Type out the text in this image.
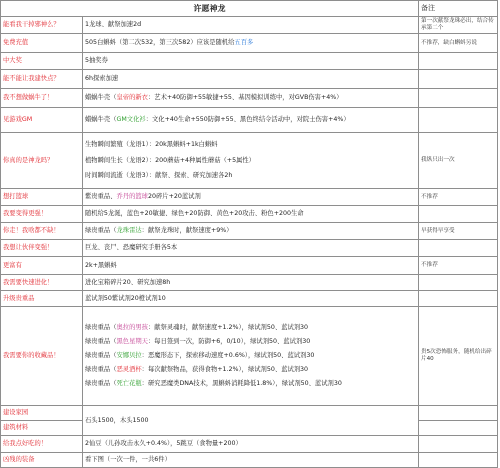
许愿神龙		备注
能看我干掉邪神么？	1龙球、献祭加速2d	第一次献祭龙珠必出，结合传承第二个
免费充值	505白蝌蚪（第二次532，第三次582）应该是随机给五百多	不推荐，缺白蝌蚪另说
中大奖	5抽奖券	

能不能让我建快点？	6h探索加速	

我不想做蜗牛了！	蜡蜗牛壳（皇帝的新衣：艺术+40防御+55敏捷+55、基因模拟训练中，对GVB伤害+4%）	

见游戏GM	蜡蜗牛壳（GM文化衫：文化+40生命+550防御+55、黑色终结令活动中，对院士伤害+4%）	

你真的是神龙吗？	生物瞬间繁殖（龙语1）：20k黑蝌蚪+1k白蝌蚪
植物瞬间生长（龙语2）：200蘑菇+4种属性蘑菇（+5属性）
时间瞬间流逝（龙语3）：献祭、探索、研究加速各2h	我纵只出一次
想打篮球	紫贵重品、乔丹的篮球20碎片+20蓝试剂	不推荐
我要变得更强！	随机给5龙涎，蓝色+20敏捷、绿色+20防御、黄色+20攻击、粉色+200生命	

你走！我啥都不缺！	绿贵重品（龙珠雷达：献祭龙珠时，献祭速度+9%）	早获得早享受
我想让伙伴变强！	巨龙、丧尸、恐魔研究手册各5本	

更富有	2k+黑蝌蚪	不推荐
我需要快速进化！	进化宝箱碎片20、研究加速8h	

升级贵重品	蓝试剂50紫试剂20橙试剂10	

我需要你的收藏品！	绿贵重品（奥拉的男孩：献祭灵魂时，献祭速度+1.2%），绿试剂50、蓝试剂30
绿贵重品（黑色星期天：每日签到一次，防御+6，0/10），绿试剂50、蓝试剂30
绿贵重品（安娜贝拉：恶魔形态下，探索移动速度+0.6%），绿试剂50、蓝试剂30
绿贵重品（恶灵酒杯：每次献祭物品，获得食物+1.2%），绿试剂50、蓝试剂30
绿贵重品（死亡花瓶：研究恶魔类DNA技术，黑蝌蚪消耗降低1.8%），绿试剂50、蓝试剂30	贵5次恐怖服务，随机给出碎片40
建设家园	石头1500，木头1500	

建筑材料		
给我点好吃的！	2仙豆（儿孙攻击永久+0.4%），5跳豆（食物量+200）	

凶残的装备	看下图（一次一件，一共6件）	
